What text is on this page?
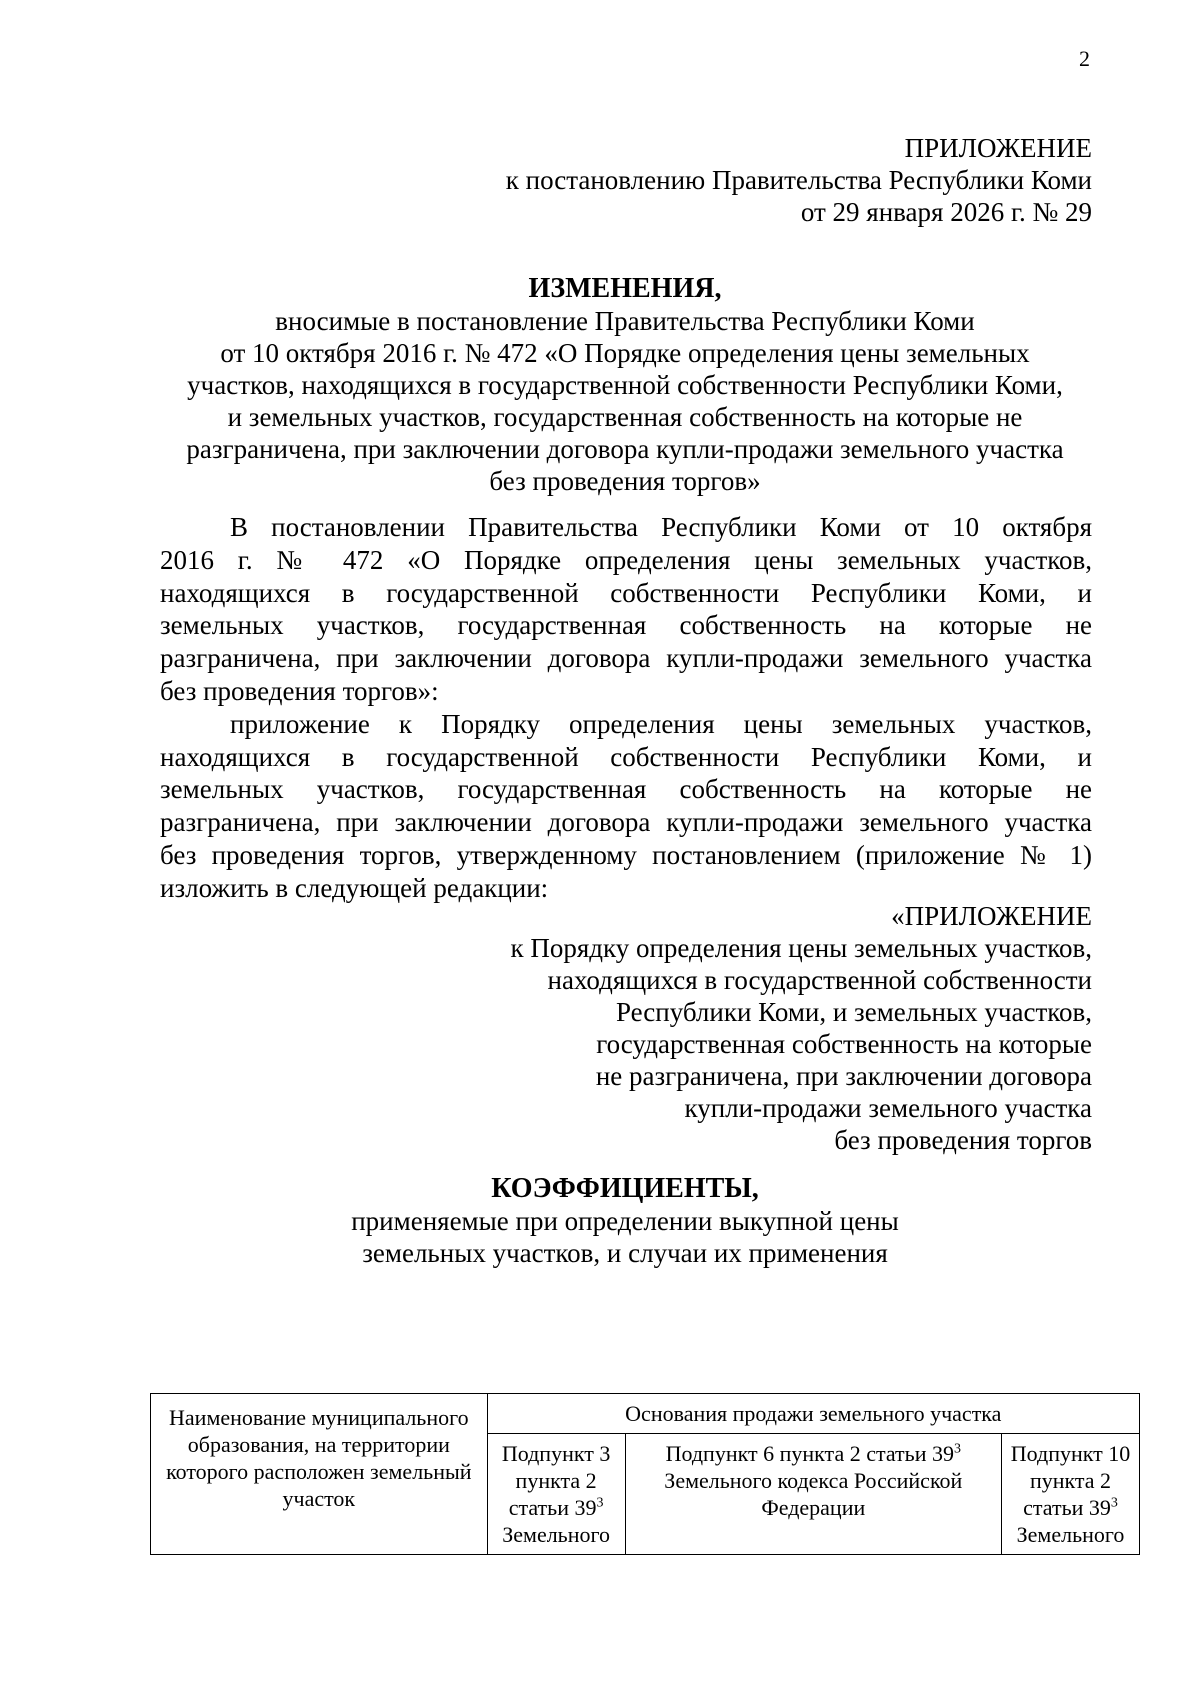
2
ПРИЛОЖЕНИЕ
к постановлению Правительства Республики Коми
от 29 января 2026 г. № 29
ИЗМЕНЕНИЯ,
вносимые в постановление Правительства Республики Коми
от 10 октября 2016 г. № 472 «О Порядке определения цены земельных
участков, находящихся в государственной собственности Республики Коми,
и земельных участков, государственная собственность на которые не
разграничена, при заключении договора купли-продажи земельного участка
без проведения торгов»
В постановлении Правительства Республики Коми от 10 октября
2016 г. № 472 «О Порядке определения цены земельных участков,
находящихся в государственной собственности Республики Коми, и
земельных участков, государственная собственность на которые не
разграничена, при заключении договора купли-продажи земельного участка
без проведения торгов»:
приложение к Порядку определения цены земельных участков,
находящихся в государственной собственности Республики Коми, и
земельных участков, государственная собственность на которые не
разграничена, при заключении договора купли-продажи земельного участка
без проведения торгов, утвержденному постановлением (приложение № 1)
изложить в следующей редакции:
«ПРИЛОЖЕНИЕ
к Порядку определения цены земельных участков,
находящихся в государственной собственности
Республики Коми, и земельных участков,
государственная собственность на которые
не разграничена, при заключении договора
купли-продажи земельного участка
без проведения торгов
КОЭФФИЦИЕНТЫ,
применяемые при определении выкупной цены
земельных участков, и случаи их применения
Наименование муниципального образования, на территории которого расположен земельный участок	Основания продажи земельного участка		
	Подпункт 3 пункта 2 статьи $39^3$ Земельного	Подпункт 6 пункта 2 статьи $39^3$ Земельного кодекса Российской Федерации	Подпункт 10 пункта 2 статьи $39^3$ Земельного
